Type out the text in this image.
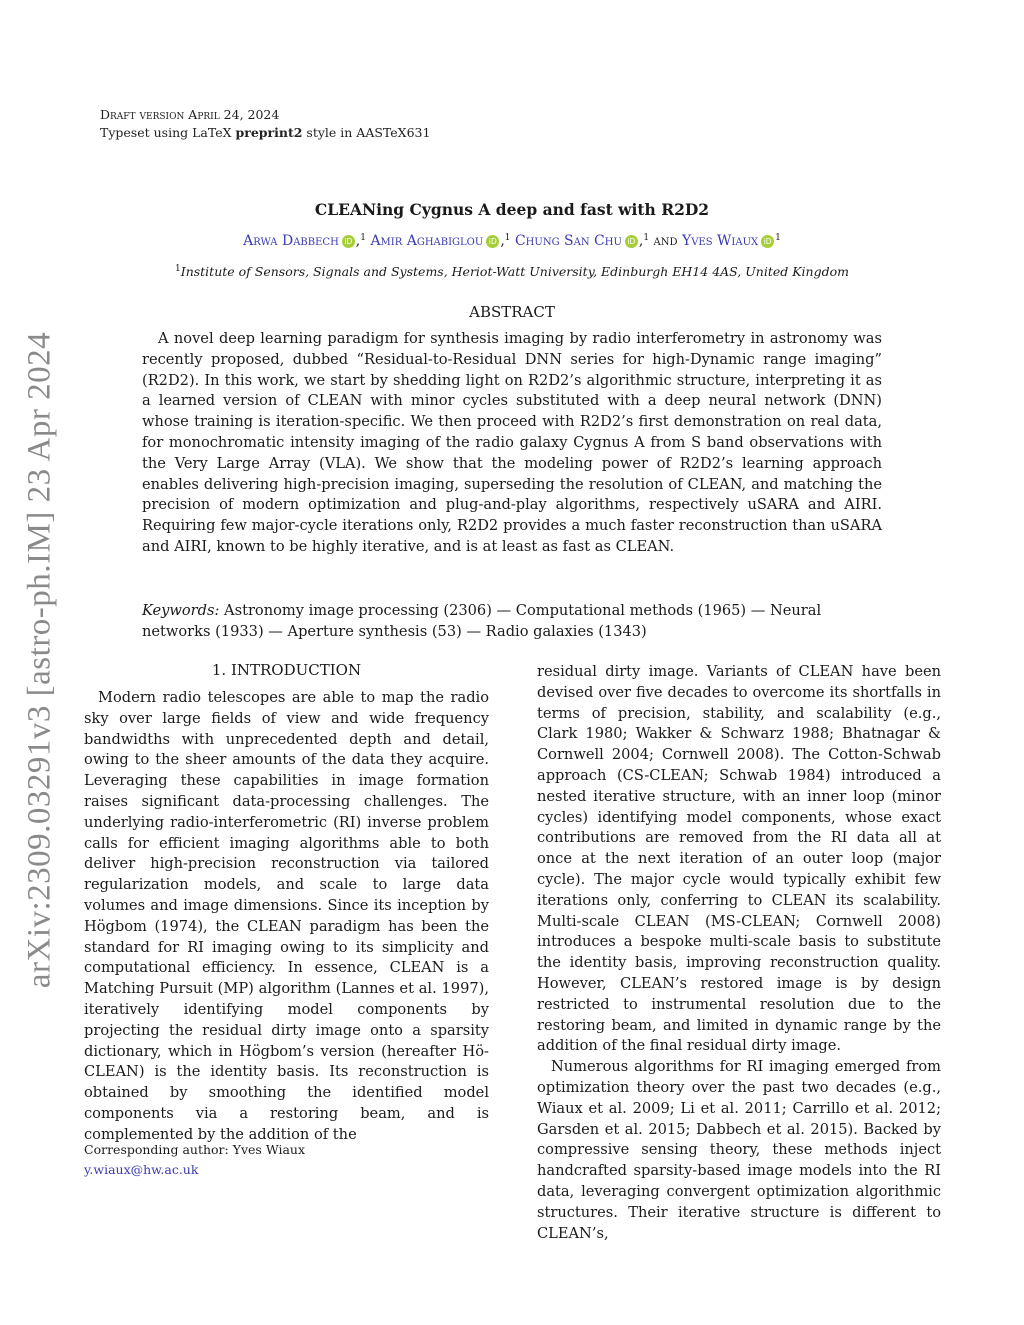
arXiv:2309.03291v3 [astro-ph.IM] 23 Apr 2024
Draft version April 24, 2024
Typeset using LaTeX preprint2 style in AASTeX631
CLEANing Cygnus A deep and fast with R2D2
Arwa Dabbech iD ,$^1$ Amir Aghabiglou iD ,$^1$ Chung San Chu iD ,$^1$ and Yves Wiaux iD $^1$
$^1$Institute of Sensors, Signals and Systems, Heriot-Watt University, Edinburgh EH14 4AS, United Kingdom
ABSTRACT
A novel deep learning paradigm for synthesis imaging by radio interferometry in astronomy was recently proposed, dubbed “Residual-to-Residual DNN series for high-Dynamic range imaging” (R2D2). In this work, we start by shedding light on R2D2’s algorithmic structure, interpreting it as a learned version of CLEAN with minor cycles substituted with a deep neural network (DNN) whose training is iteration-specific. We then proceed with R2D2’s first demonstration on real data, for monochromatic intensity imaging of the radio galaxy Cygnus A from S band observations with the Very Large Array (VLA). We show that the modeling power of R2D2’s learning approach enables delivering high-precision imaging, superseding the resolution of CLEAN, and matching the precision of modern optimization and plug-and-play algorithms, respectively uSARA and AIRI. Requiring few major-cycle iterations only, R2D2 provides a much faster reconstruction than uSARA and AIRI, known to be highly iterative, and is at least as fast as CLEAN.
Keywords: Astronomy image processing (2306) — Computational methods (1965) — Neural networks (1933) — Aperture synthesis (53) — Radio galaxies (1343)
1. INTRODUCTION

Modern radio telescopes are able to map the radio sky over large fields of view and wide frequency bandwidths with unprecedented depth and detail, owing to the sheer amounts of the data they acquire. Leveraging these capabilities in image formation raises significant data-processing challenges. The underlying radio-interferometric (RI) inverse problem calls for efficient imaging algorithms able to both deliver high-precision reconstruction via tailored regularization models, and scale to large data volumes and image dimensions. Since its inception by Högbom (1974), the CLEAN paradigm has been the standard for RI imaging owing to its simplicity and computational efficiency. In essence, CLEAN is a Matching Pursuit (MP) algorithm (Lannes et al. 1997), iteratively identifying model components by projecting the residual dirty image onto a sparsity dictionary, which in Högbom’s version (hereafter Hö-CLEAN) is the identity basis. Its reconstruction is obtained by smoothing the identified model components via a restoring beam, and is complemented by the addition of the

residual dirty image. Variants of CLEAN have been devised over five decades to overcome its shortfalls in terms of precision, stability, and scalability (e.g., Clark 1980; Wakker & Schwarz 1988; Bhatnagar & Cornwell 2004; Cornwell 2008). The Cotton-Schwab approach (CS-CLEAN; Schwab 1984) introduced a nested iterative structure, with an inner loop (minor cycles) identifying model components, whose exact contributions are removed from the RI data all at once at the next iteration of an outer loop (major cycle). The major cycle would typically exhibit few iterations only, conferring to CLEAN its scalability. Multi-scale CLEAN (MS-CLEAN; Cornwell 2008) introduces a bespoke multi-scale basis to substitute the identity basis, improving reconstruction quality. However, CLEAN’s restored image is by design restricted to instrumental resolution due to the restoring beam, and limited in dynamic range by the addition of the final residual dirty image.

Numerous algorithms for RI imaging emerged from optimization theory over the past two decades (e.g., Wiaux et al. 2009; Li et al. 2011; Carrillo et al. 2012; Garsden et al. 2015; Dabbech et al. 2015). Backed by compressive sensing theory, these methods inject handcrafted sparsity-based image models into the RI data, leveraging convergent optimization algorithmic structures. Their iterative structure is different to CLEAN’s,

Corresponding author: Yves Wiaux
y.wiaux@hw.ac.uk
